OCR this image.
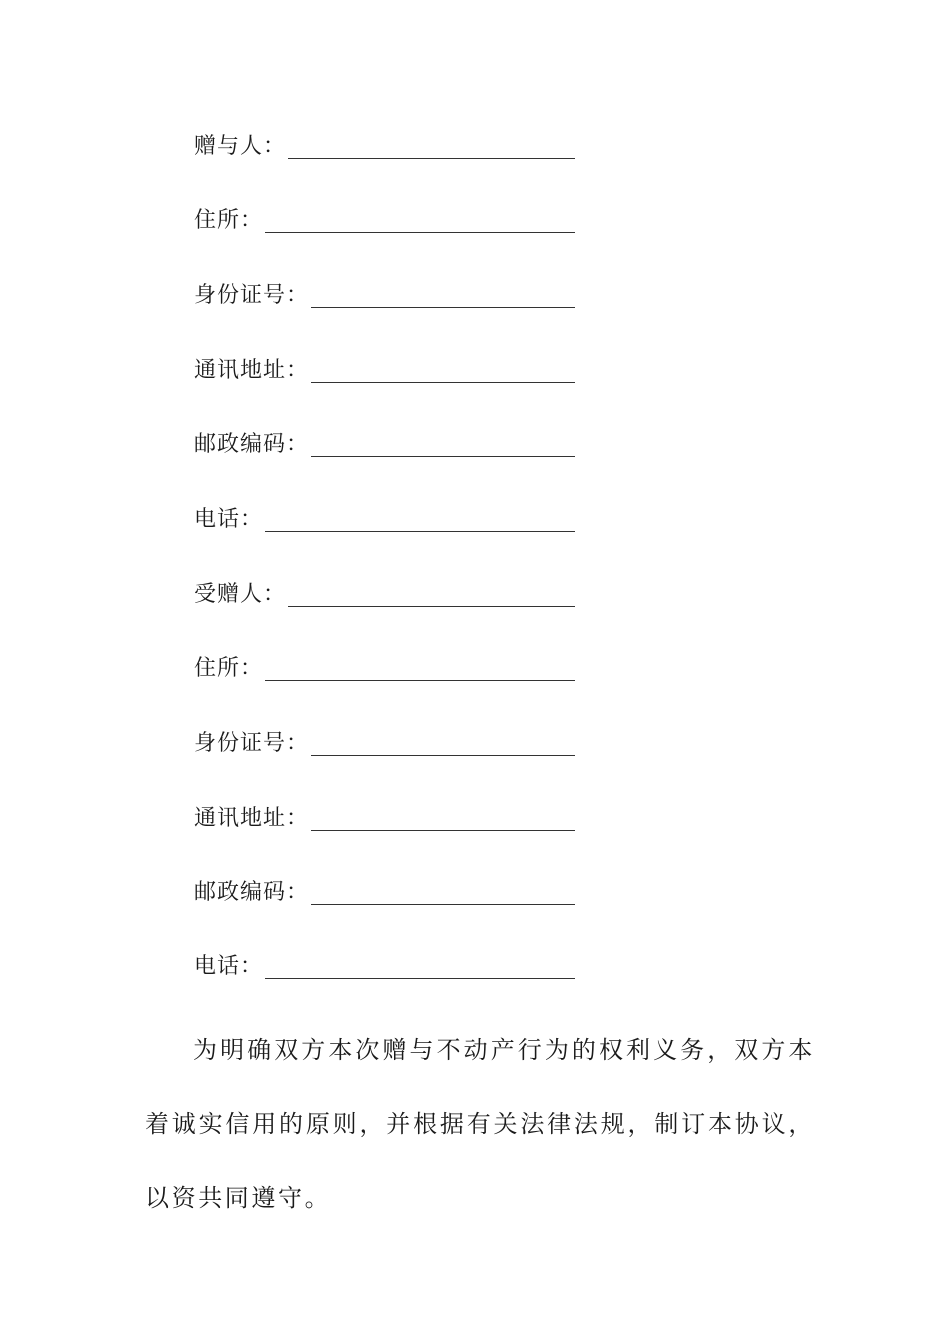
赠与人：
住所：
身份证号：
通讯地址：
邮政编码：
电话：
受赠人：
住所：
身份证号：
通讯地址：
邮政编码：
电话：

为明确双方本次赠与不动产行为的权利义务，双方本着诚实信用的原则，并根据有关法律法规，制订本协议，以资共同遵守。
